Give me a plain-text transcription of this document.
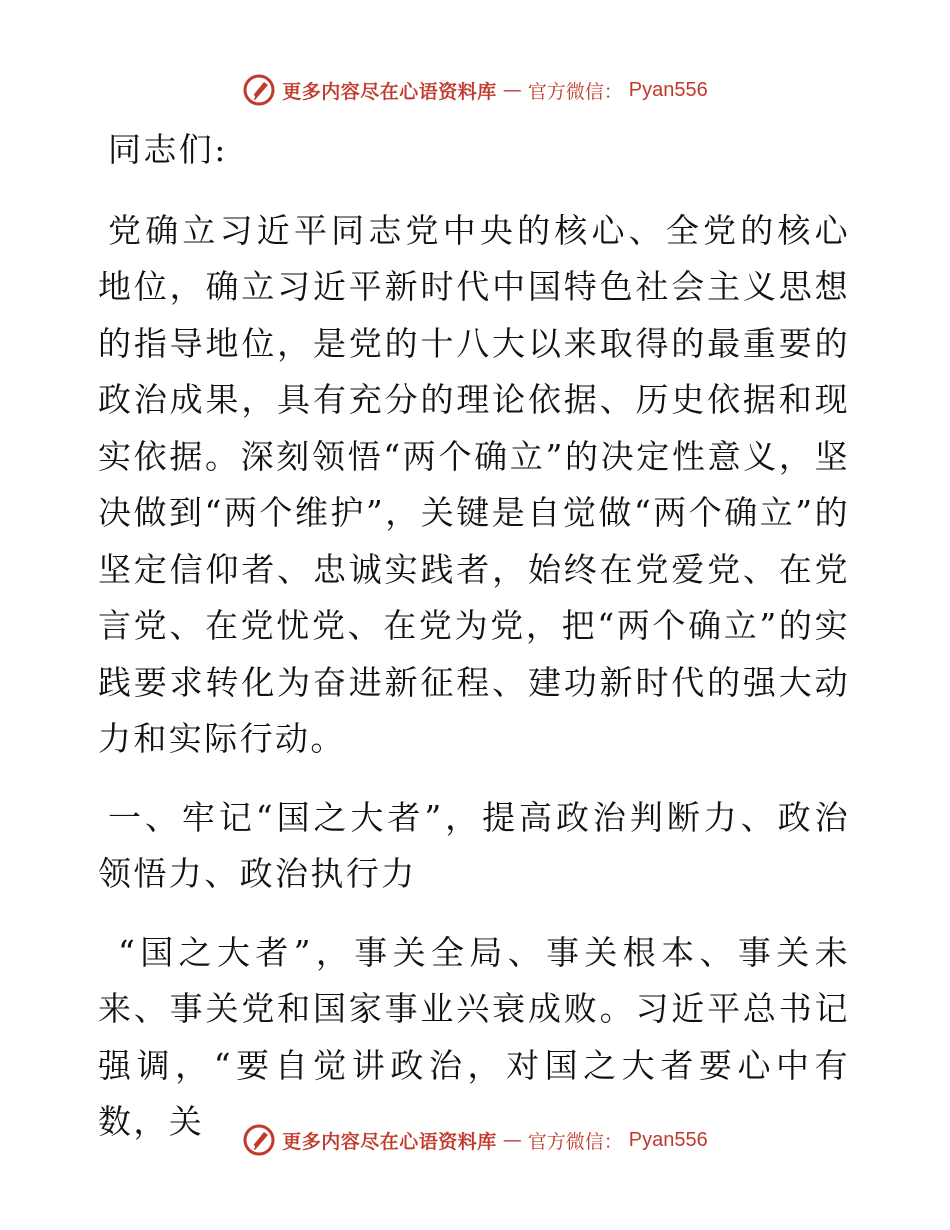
更多内容尽在心语资料库 — 官方微信： Pyan556

同志们:

党确立习近平同志党中央的核心、全党的核心地位，确立习近平新时代中国特色社会主义思想的指导地位，是党的十八大以来取得的最重要的政治成果，具有充分的理论依据、历史依据和现实依据。深刻领悟“两个确立”的决定性意义，坚决做到“两个维护”，关键是自觉做“两个确立”的坚定信仰者、忠诚实践者，始终在党爱党、在党言党、在党忧党、在党为党，把“两个确立”的实践要求转化为奋进新征程、建功新时代的强大动力和实际行动。

一、牢记“国之大者”，提高政治判断力、政治领悟力、政治执行力

“国之大者”，事关全局、事关根本、事关未来、事关党和国家事业兴衰成败。习近平总书记强调，“要自觉讲政治，对国之大者要心中有数，关

更多内容尽在心语资料库 — 官方微信： Pyan556
